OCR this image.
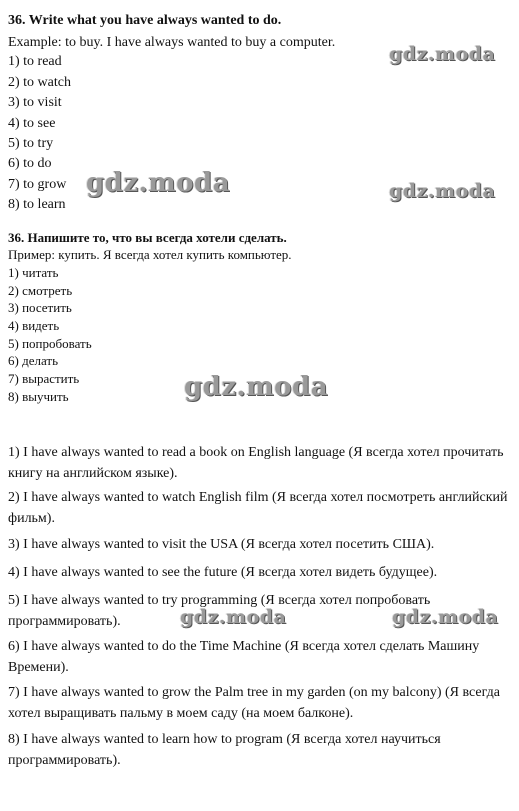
36. Write what you have always wanted to do.
Example: to buy. I have always wanted to buy a computer.
1) to read
2) to watch
3) to visit
4) to see
5) to try
6) to do
7) to grow
8) to learn
36. Напишите то, что вы всегда хотели сделать.
Пример: купить. Я всегда хотел купить компьютер.
1) читать
2) смотреть
3) посетить
4) видеть
5) попробовать
6) делать
7) вырастить
8) выучить
1) I have always wanted to read a book on English language (Я всегда хотел прочитать книгу на английском языке).
2) I have always wanted to watch English film (Я всегда хотел посмотреть английский фильм).
3) I have always wanted to visit the USA (Я всегда хотел посетить США).
4) I have always wanted to see the future (Я всегда хотел видеть будущее).
5) I have always wanted to try programming (Я всегда хотел попробовать программировать).
6) I have always wanted to do the Time Machine (Я всегда хотел сделать Машину Времени).
7) I have always wanted to grow the Palm tree in my garden (on my balcony) (Я всегда хотел выращивать пальму в моем саду (на моем балконе).
8) I have always wanted to learn how to program (Я всегда хотел научиться программировать).
gdz.moda
gdz.moda	gdz.moda
gdz.moda
gdz.moda	gdz.moda
